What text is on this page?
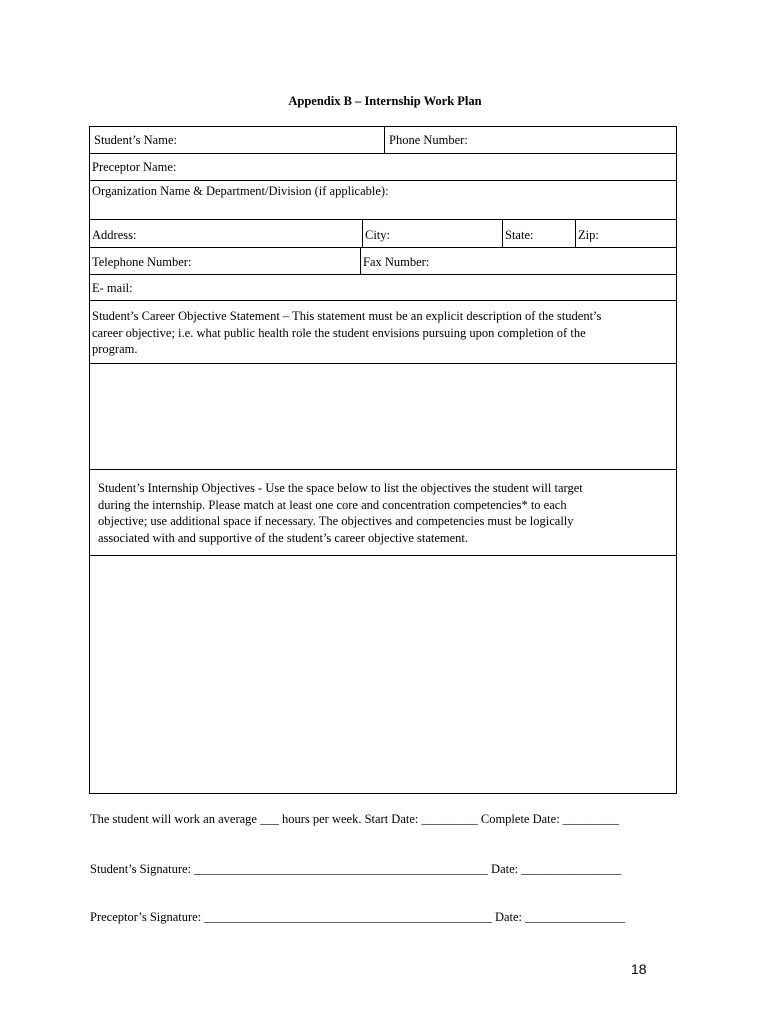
Appendix B – Internship Work Plan
Student’s Name:	Phone Number:
Preceptor Name:
Organization Name & Department/Division (if applicable):
Address:	City:	State:	Zip:
Telephone Number:	Fax Number:
E- mail:
Student’s Career Objective Statement – This statement must be an explicit description of the student’s
career objective; i.e. what public health role the student envisions pursuing upon completion of the
program.
Student’s Internship Objectives - Use the space below to list the objectives the student will target
during the internship. Please match at least one core and concentration competencies* to each
objective; use additional space if necessary. The objectives and competencies must be logically
associated with and supportive of the student’s career objective statement.
The student will work an average ___ hours per week. Start Date: _________ Complete Date: _________
Student’s Signature: _______________________________________________ Date: ________________
Preceptor’s Signature: ______________________________________________ Date: ________________
18
